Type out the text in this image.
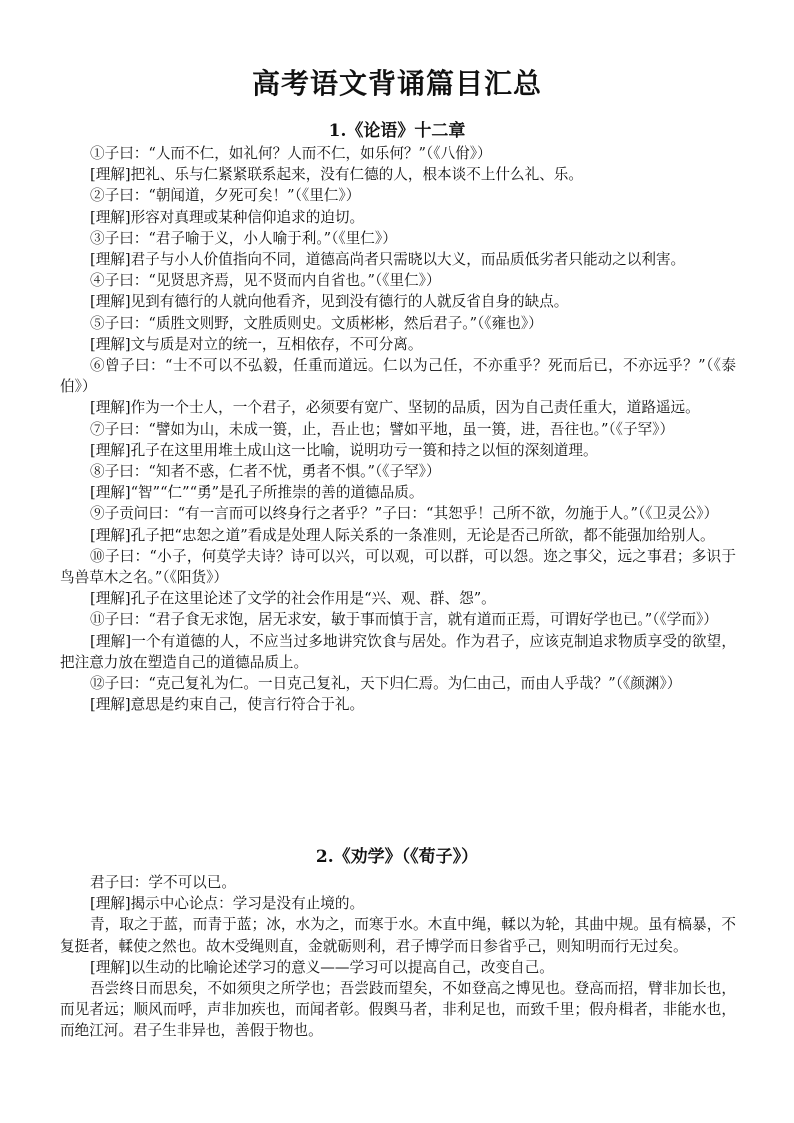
高考语文背诵篇目汇总
1.《论语》十二章

①子曰：“人而不仁，如礼何？人而不仁，如乐何？”（《八佾》）

[理解]把礼、乐与仁紧紧联系起来，没有仁德的人，根本谈不上什么礼、乐。

②子曰：“朝闻道，夕死可矣！”（《里仁》）

[理解]形容对真理或某种信仰追求的迫切。

③子曰：“君子喻于义，小人喻于利。”（《里仁》）

[理解]君子与小人价值指向不同，道德高尚者只需晓以大义，而品质低劣者只能动之以利害。

④子曰：“见贤思齐焉，见不贤而内自省也。”（《里仁》）

[理解]见到有德行的人就向他看齐，见到没有德行的人就反省自身的缺点。

⑤子曰：“质胜文则野，文胜质则史。文质彬彬，然后君子。”（《雍也》）

[理解]文与质是对立的统一，互相依存，不可分离。

⑥曾子曰：“士不可以不弘毅，任重而道远。仁以为己任，不亦重乎？死而后已，不亦远乎？”（《泰伯》）

[理解]作为一个士人，一个君子，必须要有宽广、坚韧的品质，因为自己责任重大，道路遥远。

⑦子曰：“譬如为山，未成一篑，止，吾止也；譬如平地，虽一篑，进，吾往也。”（《子罕》）

[理解]孔子在这里用堆土成山这一比喻，说明功亏一篑和持之以恒的深刻道理。

⑧子曰：“知者不惑，仁者不忧，勇者不惧。”（《子罕》）

[理解]“智”“仁”“勇”是孔子所推崇的善的道德品质。

⑨子贡问曰：“有一言而可以终身行之者乎？”子曰：“其恕乎！己所不欲，勿施于人。”（《卫灵公》）

[理解]孔子把“忠恕之道”看成是处理人际关系的一条准则，无论是否己所欲，都不能强加给别人。

⑩子曰：“小子，何莫学夫诗？诗可以兴，可以观，可以群，可以怨。迩之事父，远之事君；多识于鸟兽草木之名。”（《阳货》）

[理解]孔子在这里论述了文学的社会作用是“兴、观、群、怨”。

⑪子曰：“君子食无求饱，居无求安，敏于事而慎于言，就有道而正焉，可谓好学也已。”（《学而》）

[理解]一个有道德的人，不应当过多地讲究饮食与居处。作为君子，应该克制追求物质享受的欲望，把注意力放在塑造自己的道德品质上。

⑫子曰：“克己复礼为仁。一日克己复礼，天下归仁焉。为仁由己，而由人乎哉？”（《颜渊》）

[理解]意思是约束自己，使言行符合于礼。

2.《劝学》（《荀子》）

君子曰：学不可以已。

[理解]揭示中心论点：学习是没有止境的。

青，取之于蓝，而青于蓝；冰，水为之，而寒于水。木直中绳，輮以为轮，其曲中规。虽有槁暴，不复挺者，輮使之然也。故木受绳则直，金就砺则利，君子博学而日参省乎己，则知明而行无过矣。

[理解]以生动的比喻论述学习的意义——学习可以提高自己，改变自己。

吾尝终日而思矣，不如须臾之所学也；吾尝跂而望矣，不如登高之博见也。登高而招，臂非加长也，而见者远；顺风而呼，声非加疾也，而闻者彰。假舆马者，非利足也，而致千里；假舟楫者，非能水也，而绝江河。君子生非异也，善假于物也。
